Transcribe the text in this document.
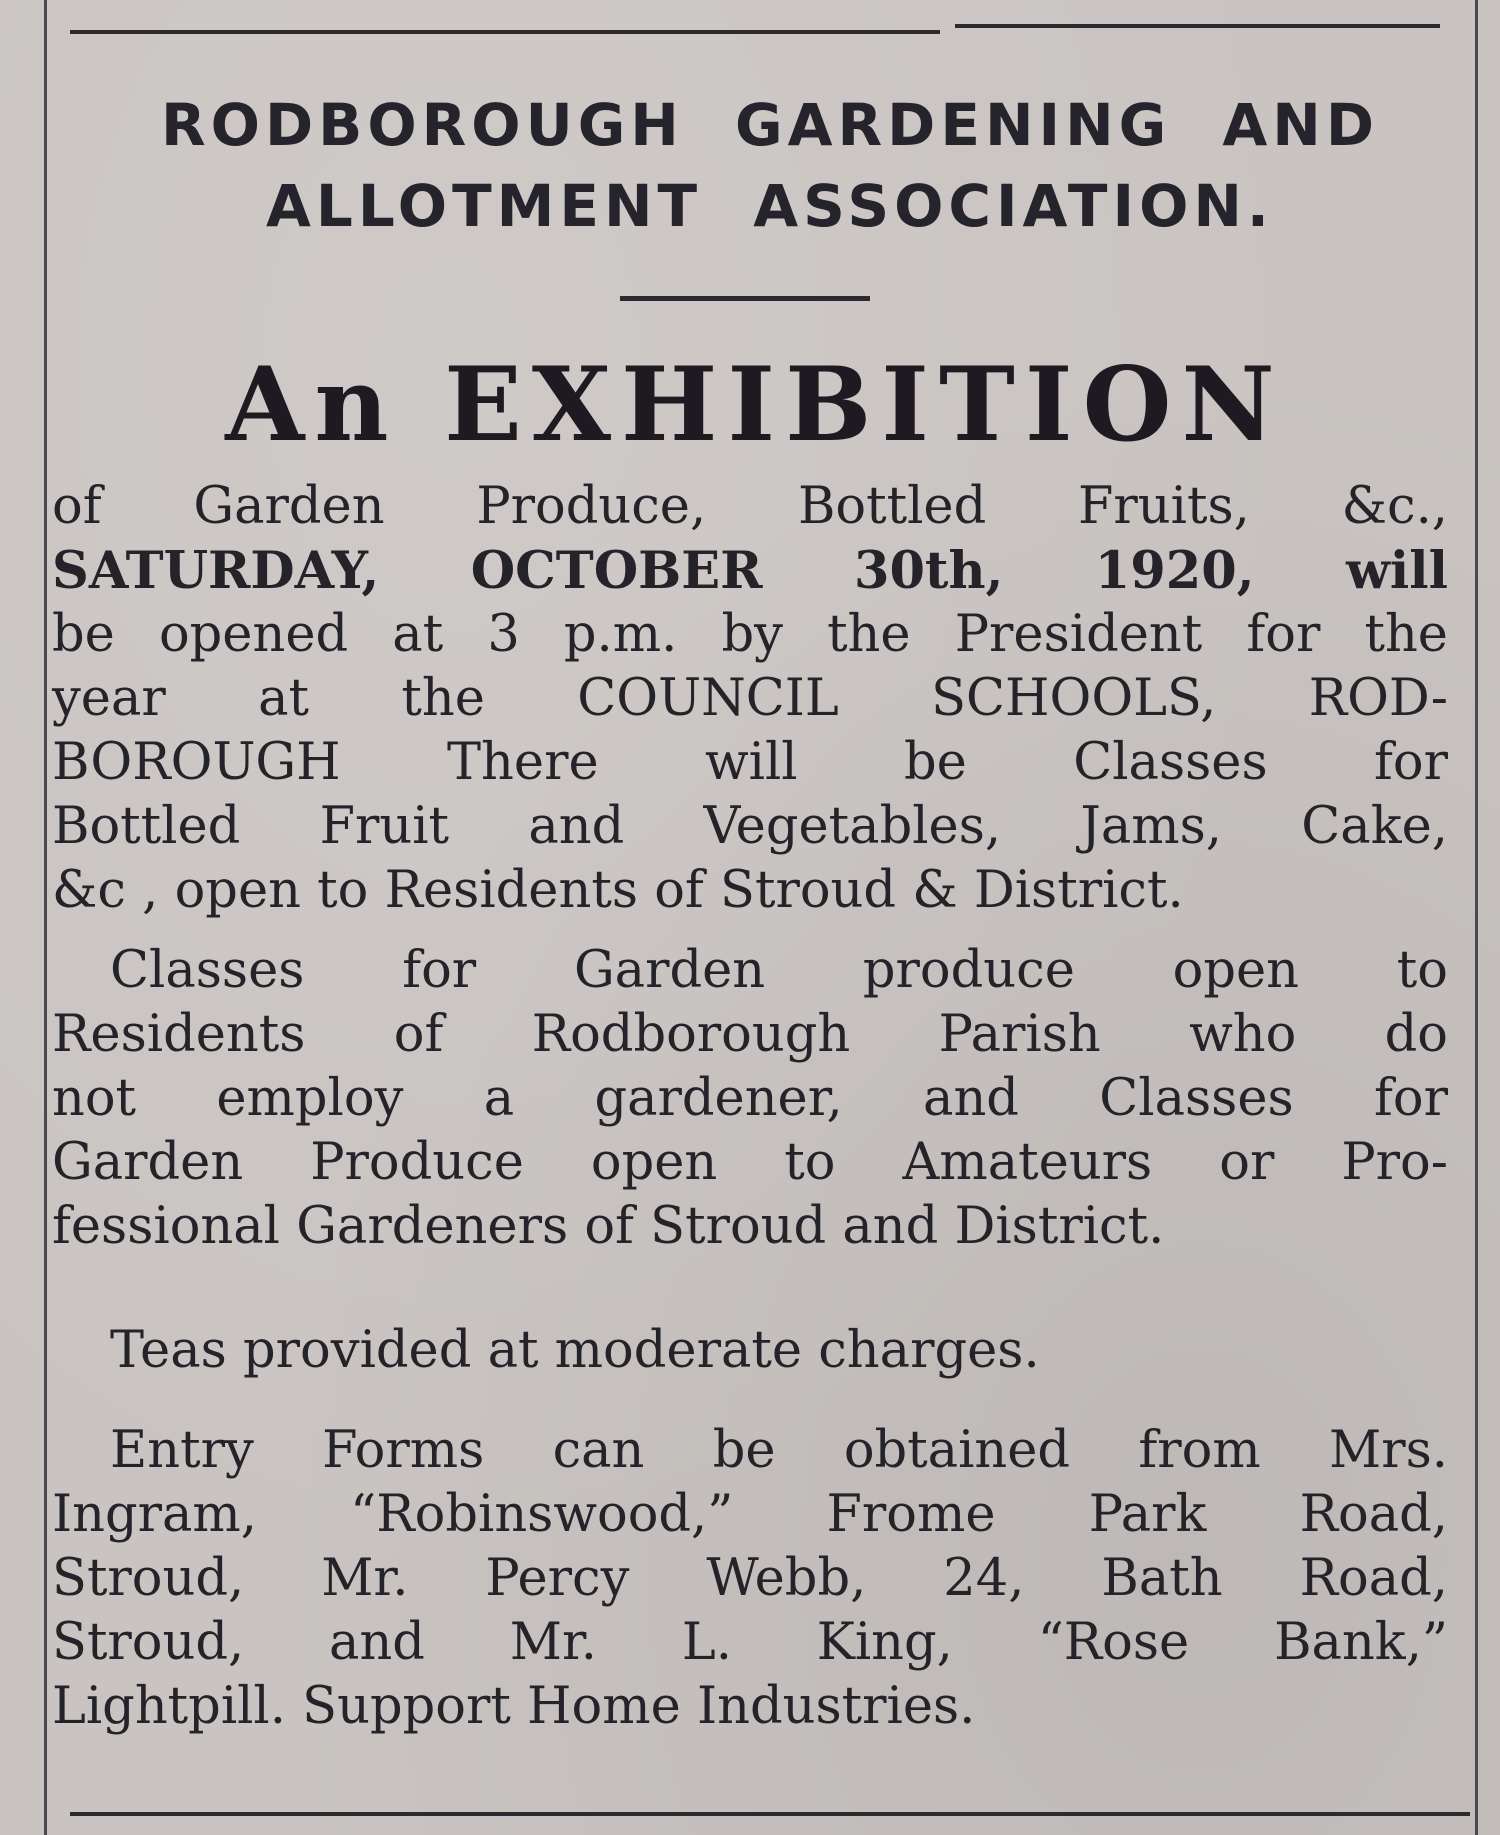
RODBOROUGH GARDENING AND
ALLOTMENT ASSOCIATION.
An EXHIBITION
of Garden Produce, Bottled Fruits, &c.,
SATURDAY, OCTOBER 30th, 1920, will
be opened at 3 p.m. by the President for the
year at the COUNCIL SCHOOLS, ROD-
BOROUGH There will be Classes for
Bottled Fruit and Vegetables, Jams, Cake,
&c , open to Residents of Stroud & District.
Classes for Garden produce open to
Residents of Rodborough Parish who do
not employ a gardener, and Classes for
Garden Produce open to Amateurs or Pro-
fessional Gardeners of Stroud and District.
Teas provided at moderate charges.
Entry Forms can be obtained from Mrs.
Ingram, “Robinswood,” Frome Park Road,
Stroud, Mr. Percy Webb, 24, Bath Road,
Stroud, and Mr. L. King, “Rose Bank,”
Lightpill. Support Home Industries.
